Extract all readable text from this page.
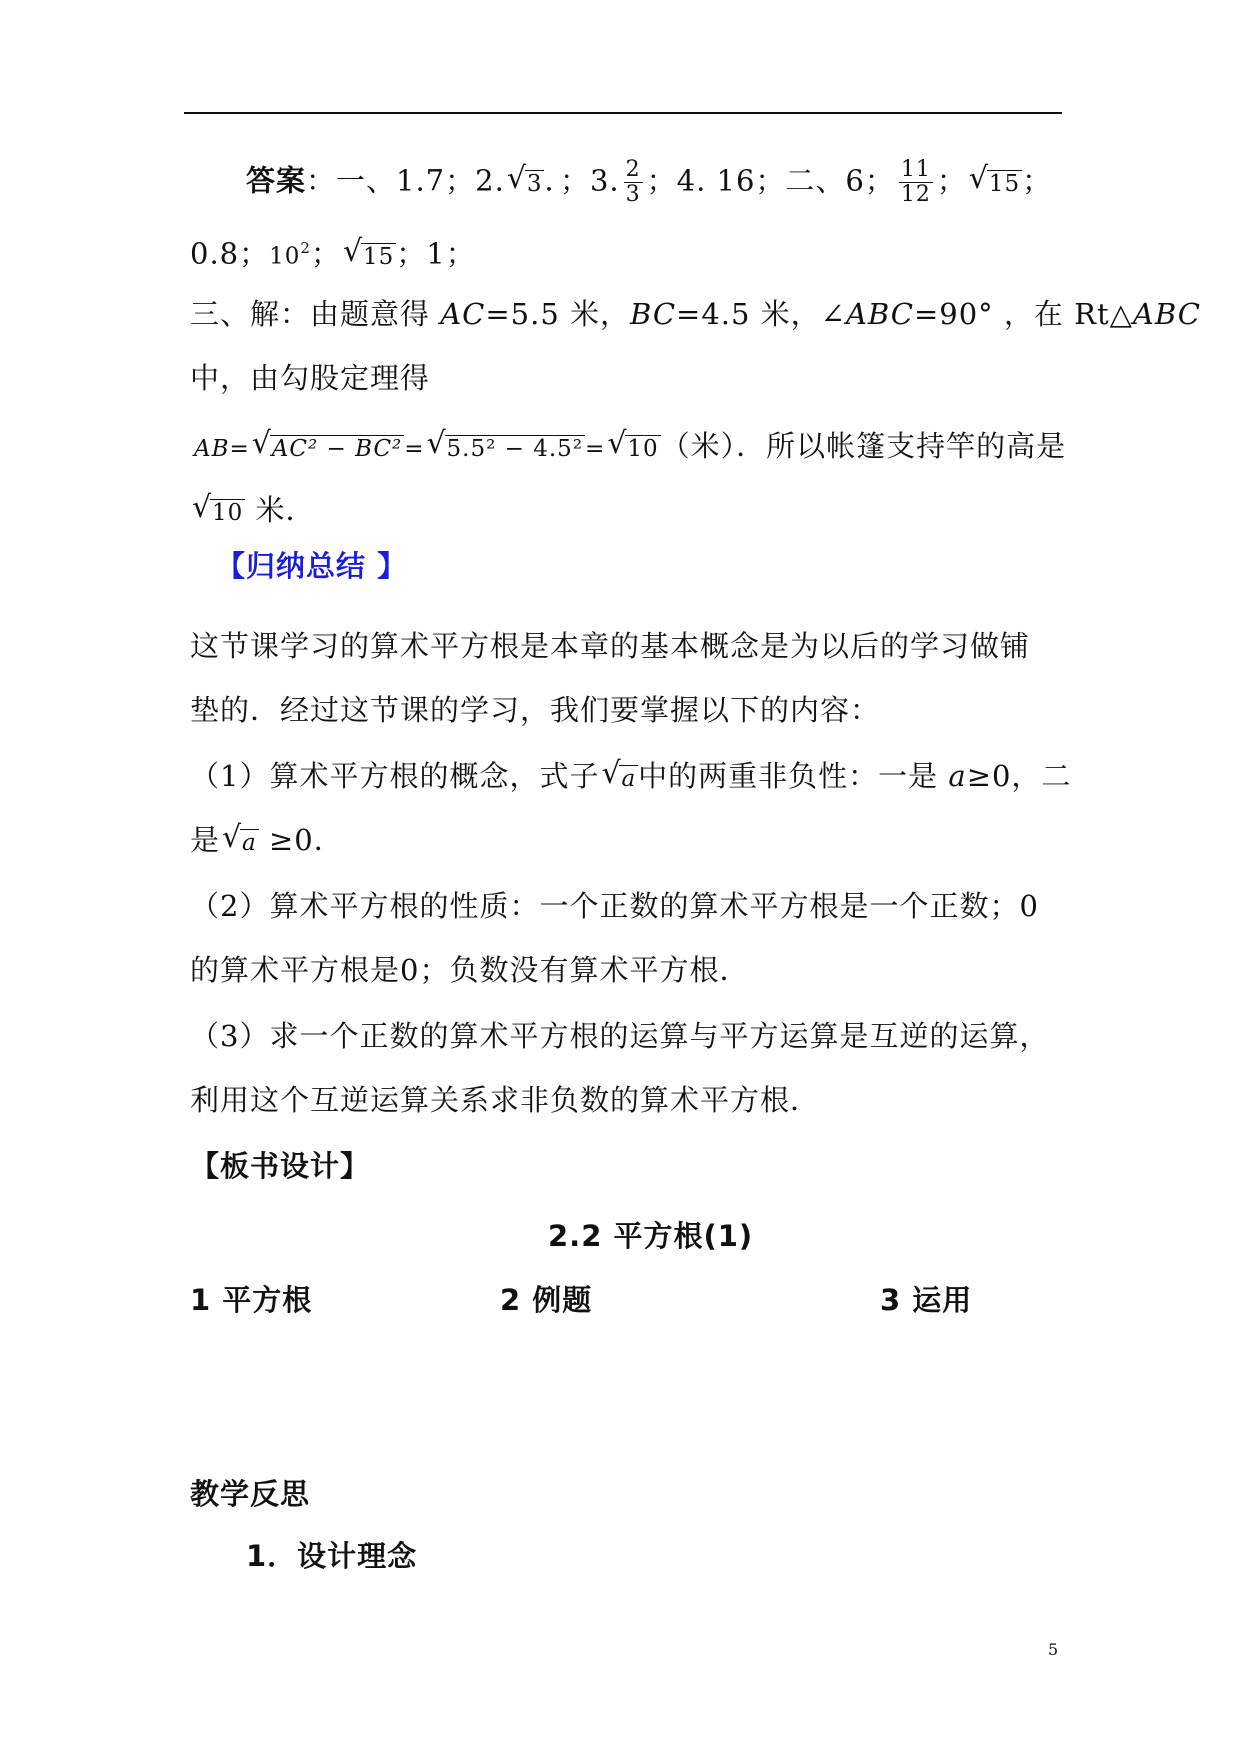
答案：一、1.7；2. √ 3．；3. $\frac{2}{3}$ ；4. 16；二、6； $\frac{11}{12}$ ； √ 15；
0.8；$10^2$； √ 15；1；
三、解：由题意得 AC=5.5 米，BC=4.5 米，∠ABC=90° ，在 Rt△ABC
中，由勾股定理得
AB= √ AC² − BC²= √ 5.5² − 4.5²= √ 10（米）．所以帐篷支持竿的高是
√ 10 米．
【归纳总结 】
这节课学习的算术平方根是本章的基本概念是为以后的学习做铺
垫的．经过这节课的学习，我们要掌握以下的内容：
（1）算术平方根的概念，式子 √ a中的两重非负性：一是 a≥0，二
是 √ a ≥0．
（2）算术平方根的性质：一个正数的算术平方根是一个正数；0
的算术平方根是0；负数没有算术平方根．
（3）求一个正数的算术平方根的运算与平方运算是互逆的运算，
利用这个互逆运算关系求非负数的算术平方根．
【板书设计】
2.2 平方根(1)
1 平方根	2 例题	3 运用
教学反思
1．设计理念
5
